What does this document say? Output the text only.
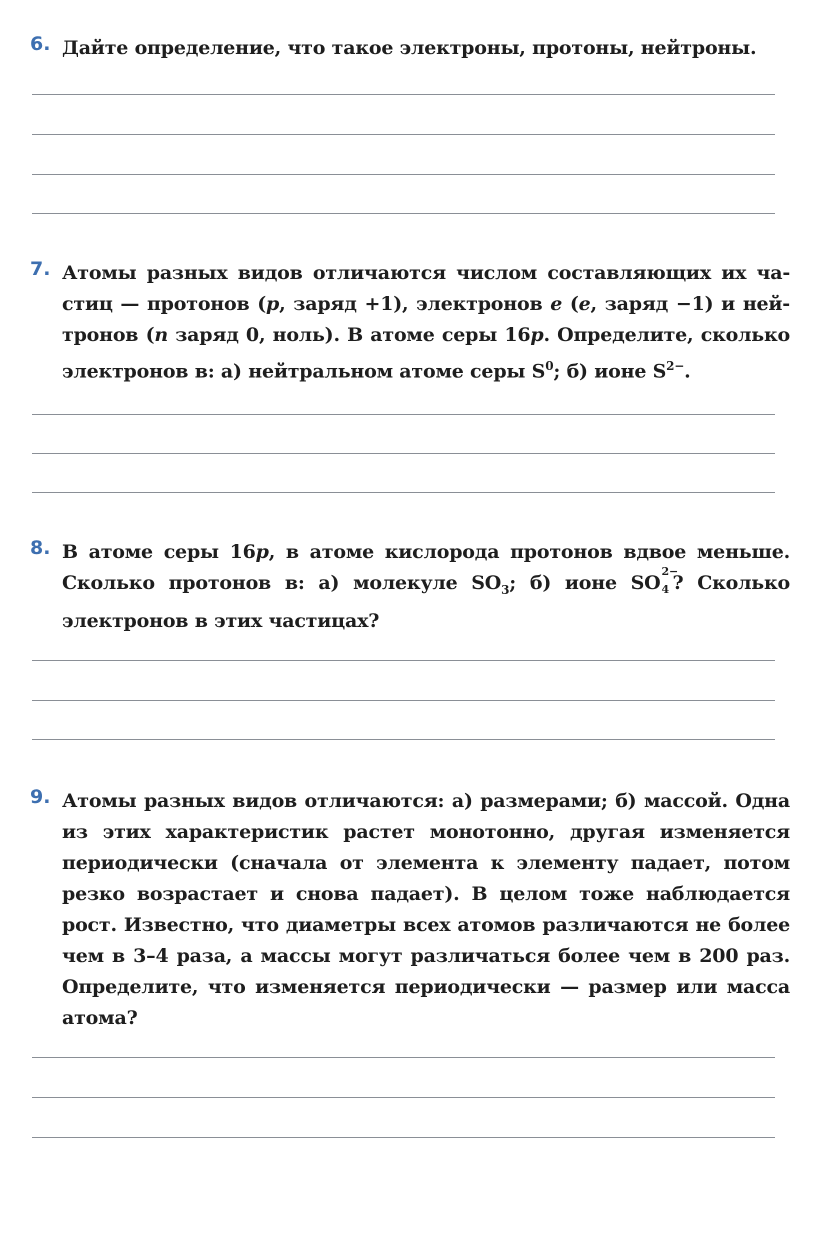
6. Дайте определение, что такое электроны, протоны, нейтроны.
7. Атомы разных видов отличаются числом составляющих их ча-
стиц — протонов (p, заряд +1), электронов e (e, заряд −1) и ней-
тронов (n заряд 0, ноль). В атоме серы 16p. Определите, сколько
электронов в: а) нейтральном атоме серы $S^0$; б) ионе $S^{2-}$.
8. В атоме серы 16p, в атоме кислорода протонов вдвое меньше.
Сколько протонов в: а) молекуле $SO_3$; б) ионе SO
2−
4 ? Сколько
электронов в этих частицах?
9. Атомы разных видов отличаются: а) размерами; б) массой. Одна
из этих характеристик растет монотонно, другая изменяется
периодически (сначала от элемента к элементу падает, потом
резко возрастает и снова падает). В целом тоже наблюдается
рост. Известно, что диаметры всех атомов различаются не более
чем в 3–4 раза, а массы могут различаться более чем в 200 раз.
Определите, что изменяется периодически — размер или масса
атома?
